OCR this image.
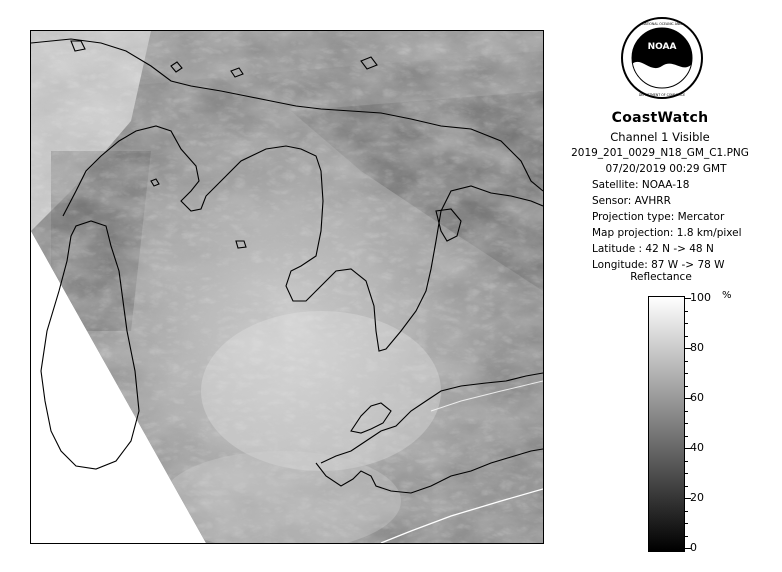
NOAA
NATIONAL OCEANIC AND
DEPARTMENT OF COMMERCE
CoastWatch
Channel 1 Visible
2019_201_0029_N18_GM_C1.PNG
07/20/2019 00:29 GMT
Satellite: NOAA-18
Sensor: AVHRR
Projection type: Mercator
Map projection: 1.8 km/pixel
Latitude : 42 N -> 48 N
Longitude: 87 W -> 78 W
Reflectance
%
100
80
60
40
20
0
